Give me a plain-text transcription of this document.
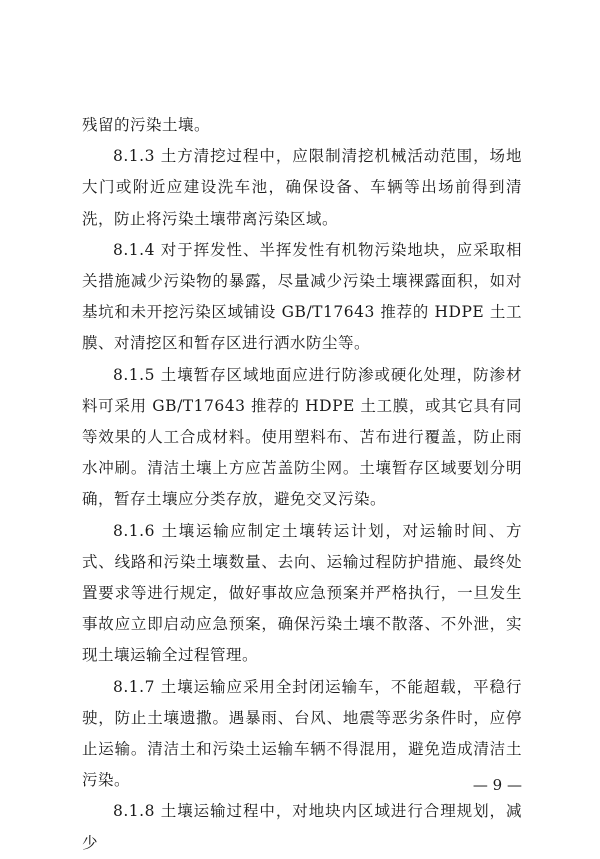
残留的污染土壤。

8.1.3 土方清挖过程中，应限制清挖机械活动范围，场地大门或附近应建设洗车池，确保设备、车辆等出场前得到清洗，防止将污染土壤带离污染区域。

8.1.4 对于挥发性、半挥发性有机物污染地块，应采取相关措施减少污染物的暴露，尽量减少污染土壤裸露面积，如对基坑和未开挖污染区域铺设 GB/T17643 推荐的 HDPE 土工膜、对清挖区和暂存区进行洒水防尘等。

8.1.5 土壤暂存区域地面应进行防渗或硬化处理，防渗材料可采用 GB/T17643 推荐的 HDPE 土工膜，或其它具有同等效果的人工合成材料。使用塑料布、苫布进行覆盖，防止雨水冲刷。清洁土壤上方应苫盖防尘网。土壤暂存区域要划分明确，暂存土壤应分类存放，避免交叉污染。

8.1.6 土壤运输应制定土壤转运计划，对运输时间、方式、线路和污染土壤数量、去向、运输过程防护措施、最终处置要求等进行规定，做好事故应急预案并严格执行，一旦发生事故应立即启动应急预案，确保污染土壤不散落、不外泄，实现土壤运输全过程管理。

8.1.7 土壤运输应采用全封闭运输车，不能超载，平稳行驶，防止土壤遗撒。遇暴雨、台风、地震等恶劣条件时，应停止运输。清洁土和污染土运输车辆不得混用，避免造成清洁土污染。

8.1.8 土壤运输过程中，对地块内区域进行合理规划，减少

— 9 —
